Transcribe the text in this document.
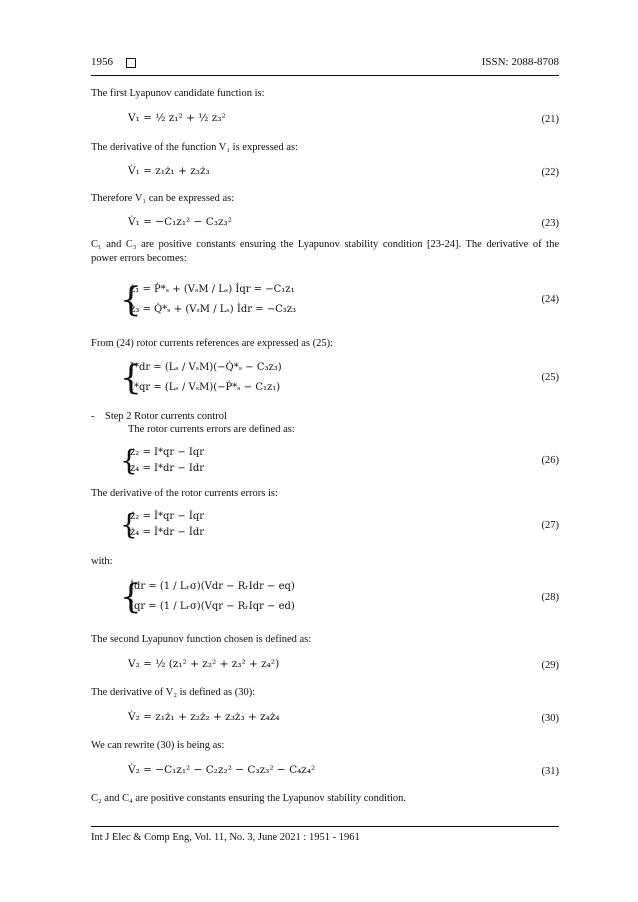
1956	ISSN: 2088-8708
The first Lyapunov candidate function is:
V₁ = ½ z₁² + ½ z₃²	(21)
The derivative of the function V₁ is expressed as:
V̇₁ = z₁ż₁ + z₃ż₃	(22)
Therefore V₁ can be expressed as:
V̇₁ = −C₁z₁² − C₃z₃²	(23)
C₁ and C₃ are positive constants ensuring the Lyapunov stability condition [23-24]. The derivative of the power errors becomes:
{
ż₁ = Ṗ*ₛ + (VₛM / Lₛ) İqr = −C₁z₁
ż₃ = Q̇*ₛ + (VₛM / Lₛ) İdr = −C₃z₃
(24)
From (24) rotor currents references are expressed as (25):
{
I*dr = (Lₛ / VₛM)(−Q̇*ₛ − C₃z₃)
İ*qr = (Lₛ / VₛM)(−Ṗ*ₛ − C₁z₁)
(25)
-    Step 2 Rotor currents control
The rotor currents errors are defined as:
{
z₂ = I*qr − Iqr
z₄ = I*dr − Idr
(26)
The derivative of the rotor currents errors is:
{
ż₂ = İ*qr − İqr
ż₄ = İ*dr − İdr
(27)
with:
{
İdr = (1 / Lᵣσ)(Vdr − RᵣIdr − eq)
İqr = (1 / Lᵣσ)(Vqr − RᵣIqr − ed)
(28)
The second Lyapunov function chosen is defined as:
V₂ = ½ (z₁² + z₂² + z₃² + z₄²)	(29)
The derivative of V₂ is defined as (30):
V̇₂ = z₁ż₁ + z₂ż₂ + z₃ż₃ + z₄ż₄	(30)
We can rewrite (30) is being as:
V̇₂ = −C₁z₁² − C₂z₂² − C₃z₃² − C₄z₄²	(31)
C₂ and C₄ are positive constants ensuring the Lyapunov stability condition.
Int J Elec & Comp Eng, Vol. 11, No. 3, June 2021 : 1951 - 1961
